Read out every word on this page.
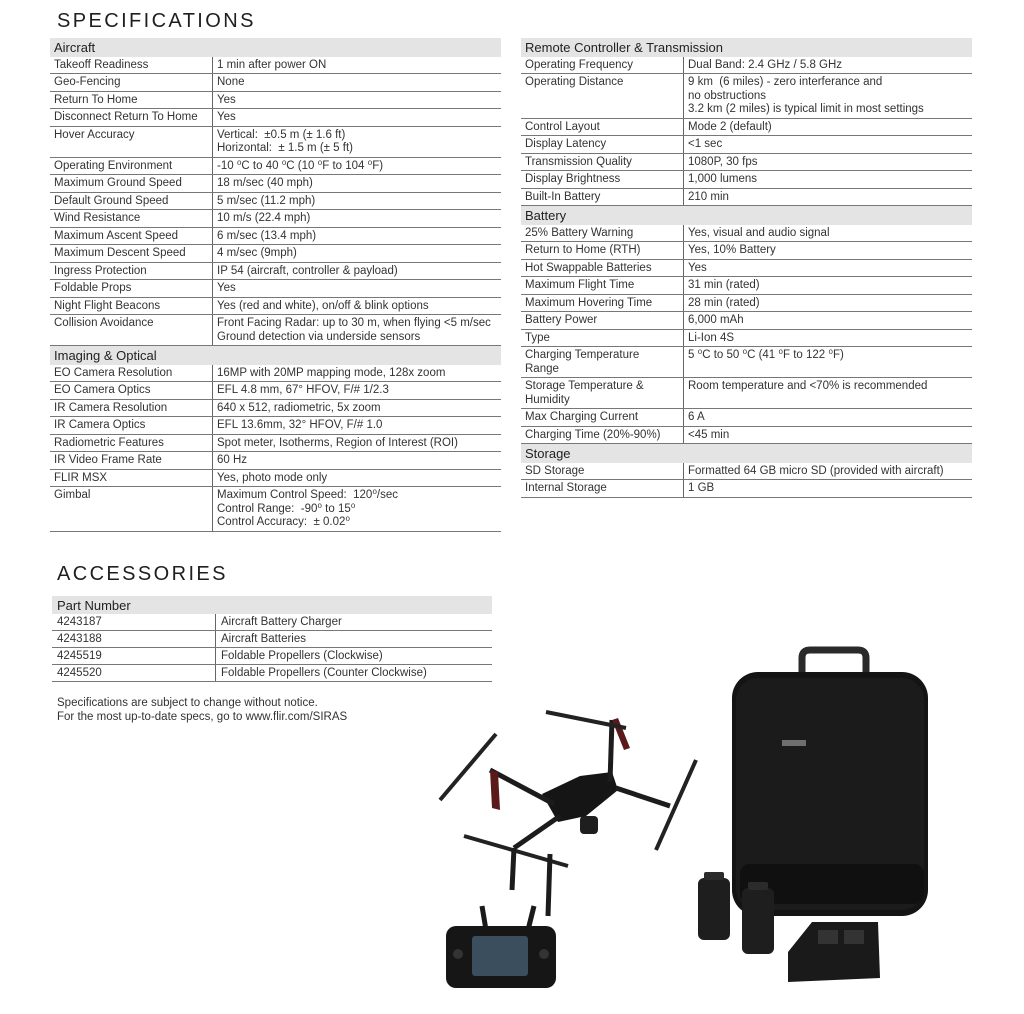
SPECIFICATIONS
Aircraft	

Takeoff Readiness	1 min after power ON

Geo-Fencing	None

Return To Home	Yes

Disconnect Return To Home	Yes

Hover Accuracy	Vertical:  ±0.5 m (± 1.6 ft)
Horizontal:  ± 1.5 m (± 5 ft)

Operating Environment	-10 ⁰C to 40 ⁰C (10 ⁰F to 104 ⁰F)

Maximum Ground Speed	18 m/sec (40 mph)

Default Ground Speed	5 m/sec (11.2 mph)

Wind Resistance	10 m/s (22.4 mph)

Maximum Ascent Speed	6 m/sec (13.4 mph)

Maximum Descent Speed	4 m/sec (9mph)

Ingress Protection	IP 54 (aircraft, controller & payload)

Foldable Props	Yes

Night Flight Beacons	Yes (red and white), on/off & blink options

Collision Avoidance	Front Facing Radar: up to 30 m, when flying <5 m/sec
Ground detection via underside sensors

Imaging & Optical	

EO Camera Resolution	16MP with 20MP mapping mode, 128x zoom

EO Camera Optics	EFL 4.8 mm, 67° HFOV, F/# 1/2.3

IR Camera Resolution	640 x 512, radiometric, 5x zoom

IR Camera Optics	EFL 13.6mm, 32° HFOV, F/# 1.0

Radiometric Features	Spot meter, Isotherms, Region of Interest (ROI)

IR Video Frame Rate	60 Hz

FLIR MSX	Yes, photo mode only

Gimbal	Maximum Control Speed:  120⁰/sec
Control Range:  -90⁰ to 15⁰
Control Accuracy:  ± 0.02⁰
Remote Controller & Transmission	

Operating Frequency	Dual Band: 2.4 GHz / 5.8 GHz

Operating Distance	9 km  (6 miles) - zero interferance and
no obstructions
3.2 km (2 miles) is typical limit in most settings

Control Layout	Mode 2 (default)

Display Latency	<1 sec

Transmission Quality	1080P, 30 fps

Display Brightness	1,000 lumens

Built-In Battery	210 min

Battery	

25% Battery Warning	Yes, visual and audio signal

Return to Home (RTH)	Yes, 10% Battery

Hot Swappable Batteries	Yes

Maximum Flight Time	31 min (rated)

Maximum Hovering Time	28 min (rated)

Battery Power	6,000 mAh

Type	Li-Ion 4S

Charging Temperature
Range	5 ⁰C to 50 ⁰C (41 ⁰F to 122 ⁰F)

Storage Temperature &
Humidity	Room temperature and <70% is recommended

Max Charging Current	6 A

Charging Time (20%-90%)	<45 min

Storage	

SD Storage	Formatted 64 GB micro SD (provided with aircraft)

Internal Storage	1 GB
ACCESSORIES
Part Number	
4243187	Aircraft Battery Charger
4243188	Aircraft Batteries
4245519	Foldable Propellers (Clockwise)
4245520	Foldable Propellers (Counter Clockwise)
Specifications are subject to change without notice.
For the most up-to-date specs, go to www.flir.com/SIRAS
